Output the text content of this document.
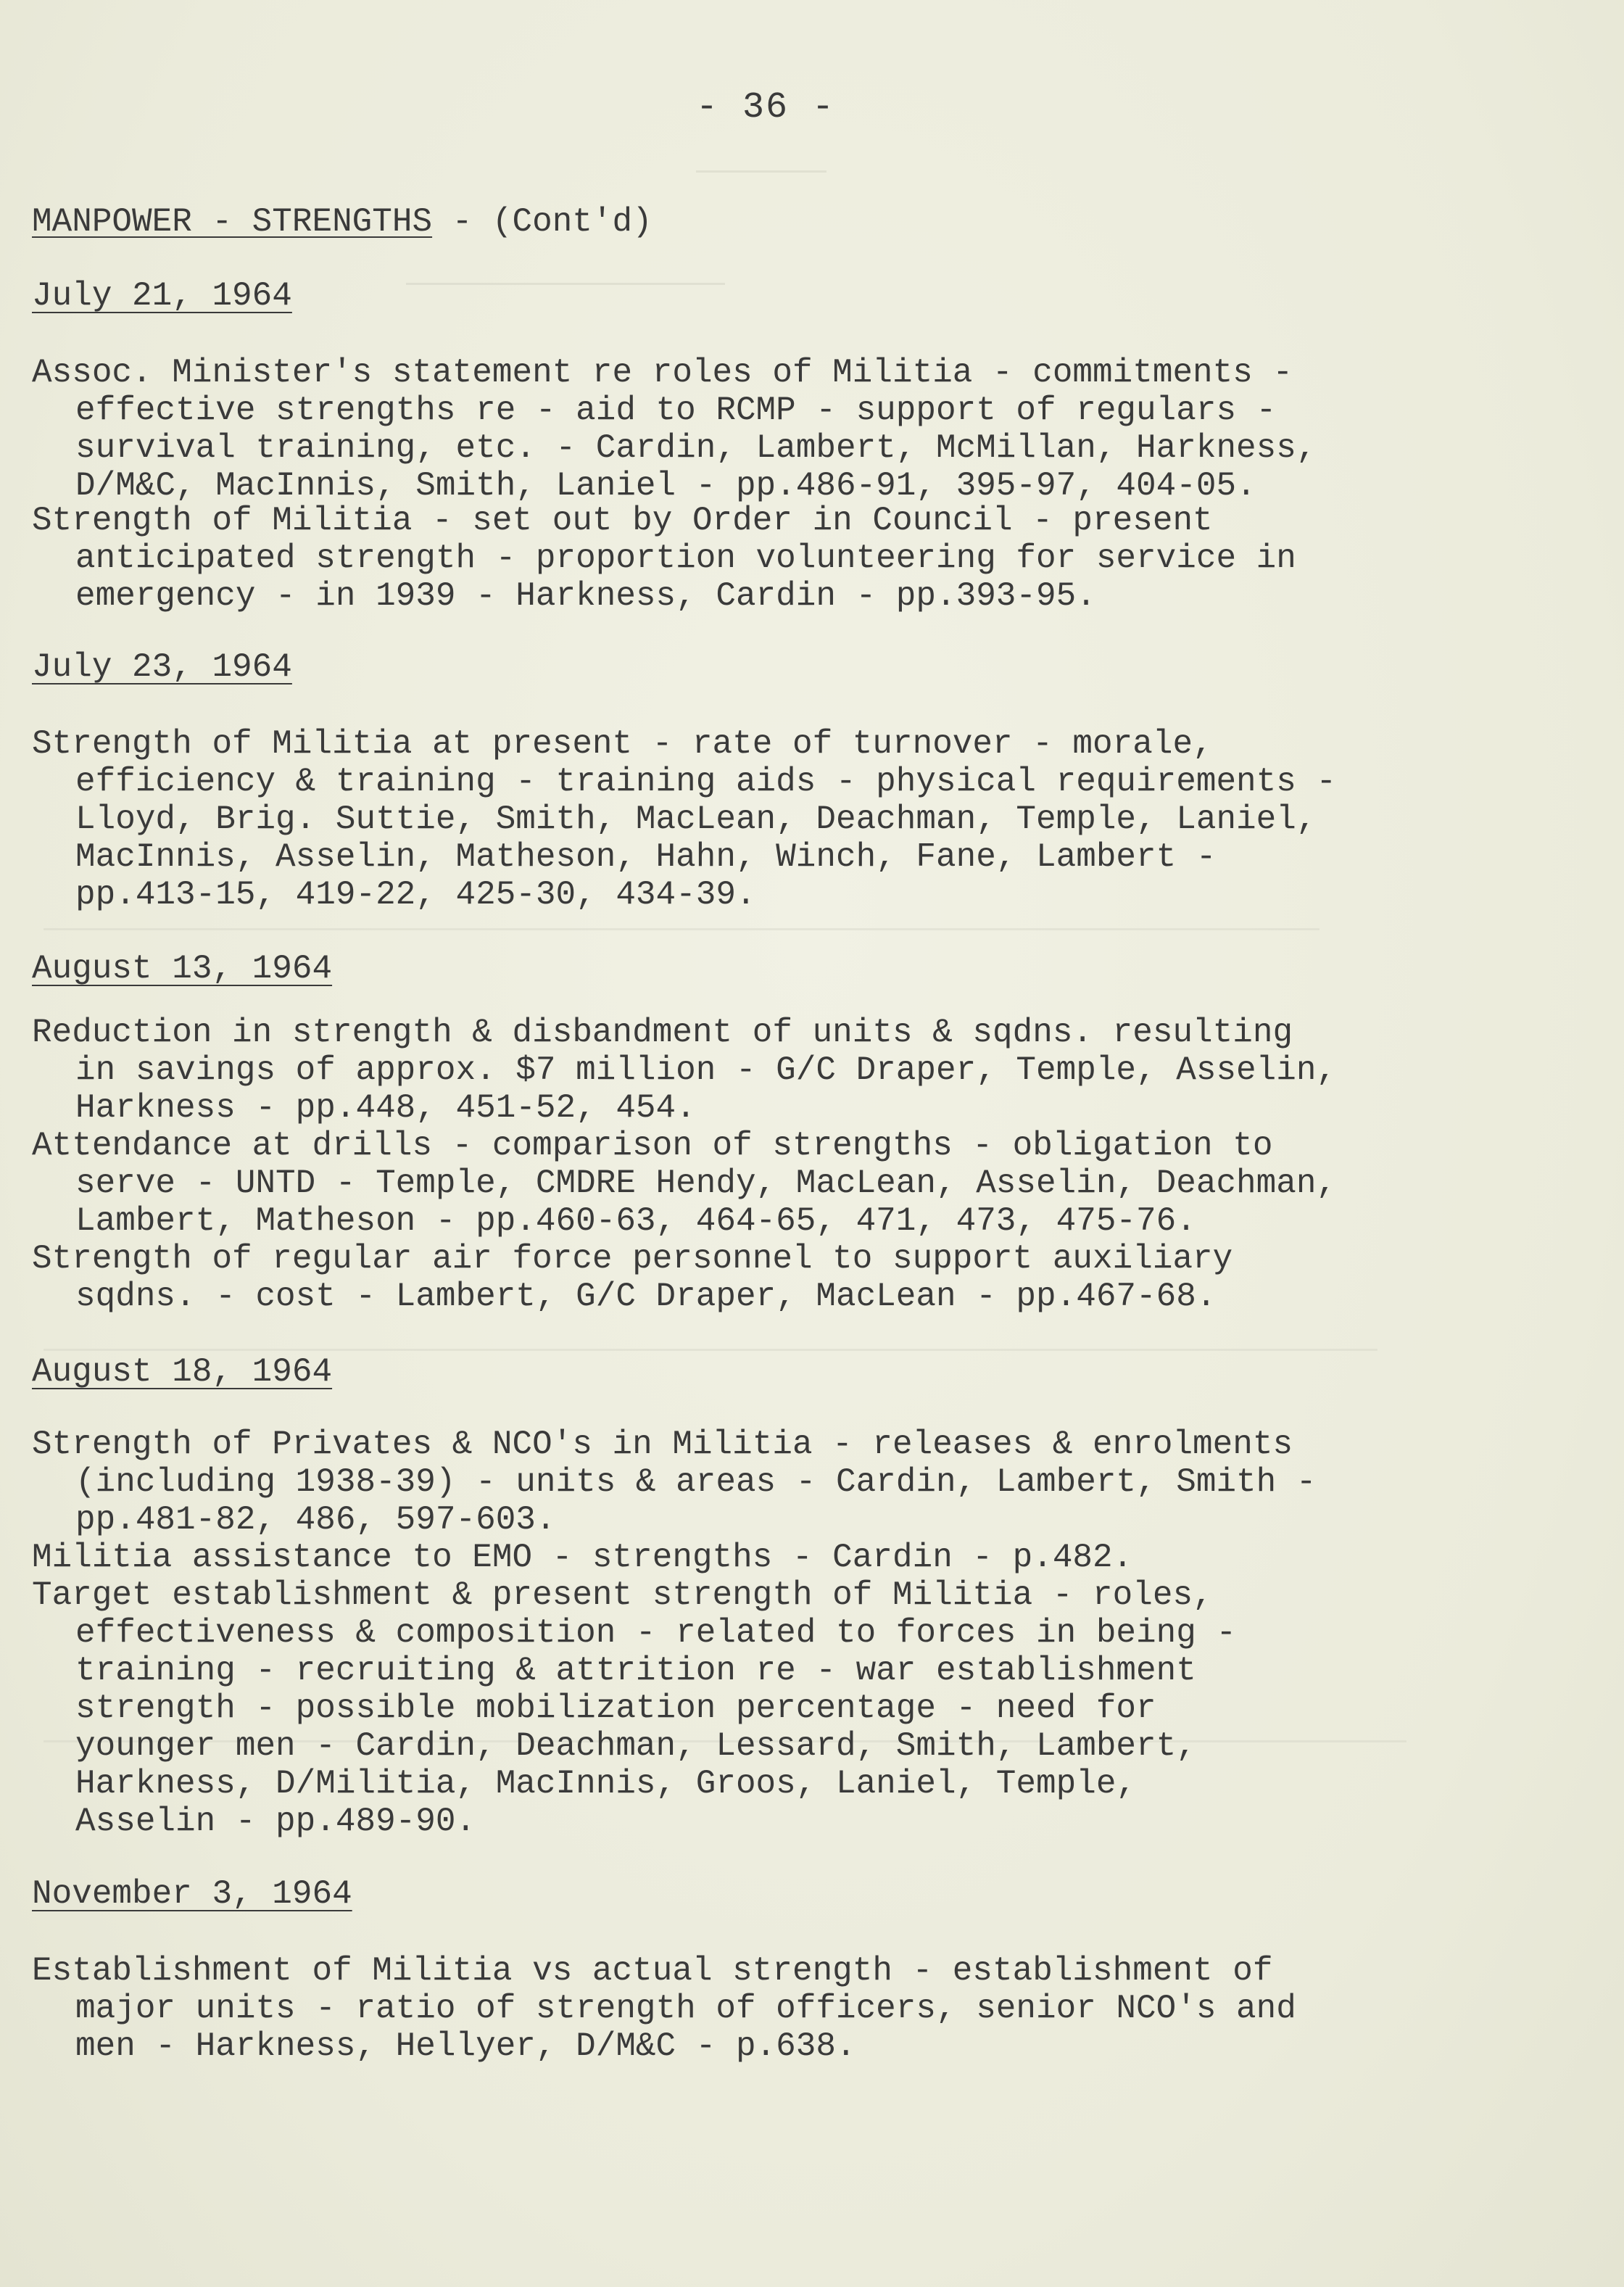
- 36 -
MANPOWER - STRENGTHS - (Cont'd)
July 21, 1964
Assoc. Minister's statement re roles of Militia - commitments -
effective strengths re - aid to RCMP - support of regulars -
survival training, etc. - Cardin, Lambert, McMillan, Harkness,
D/M&C, MacInnis, Smith, Laniel - pp.486-91, 395-97, 404-05.
Strength of Militia - set out by Order in Council - present
anticipated strength - proportion volunteering for service in
emergency - in 1939 - Harkness, Cardin - pp.393-95.
July 23, 1964
Strength of Militia at present - rate of turnover - morale,
efficiency & training - training aids - physical requirements -
Lloyd, Brig. Suttie, Smith, MacLean, Deachman, Temple, Laniel,
MacInnis, Asselin, Matheson, Hahn, Winch, Fane, Lambert -
pp.413-15, 419-22, 425-30, 434-39.
August 13, 1964
Reduction in strength & disbandment of units & sqdns. resulting
in savings of approx. $7 million - G/C Draper, Temple, Asselin,
Harkness - pp.448, 451-52, 454.
Attendance at drills - comparison of strengths - obligation to
serve - UNTD - Temple, CMDRE Hendy, MacLean, Asselin, Deachman,
Lambert, Matheson - pp.460-63, 464-65, 471, 473, 475-76.
Strength of regular air force personnel to support auxiliary
sqdns. - cost - Lambert, G/C Draper, MacLean - pp.467-68.
August 18, 1964
Strength of Privates & NCO's in Militia - releases & enrolments
(including 1938-39) - units & areas - Cardin, Lambert, Smith -
pp.481-82, 486, 597-603.
Militia assistance to EMO - strengths - Cardin - p.482.
Target establishment & present strength of Militia - roles,
effectiveness & composition - related to forces in being -
training - recruiting & attrition re - war establishment
strength - possible mobilization percentage - need for
younger men - Cardin, Deachman, Lessard, Smith, Lambert,
Harkness, D/Militia, MacInnis, Groos, Laniel, Temple,
Asselin - pp.489-90.
November 3, 1964
Establishment of Militia vs actual strength - establishment of
major units - ratio of strength of officers, senior NCO's and
men - Harkness, Hellyer, D/M&C - p.638.
